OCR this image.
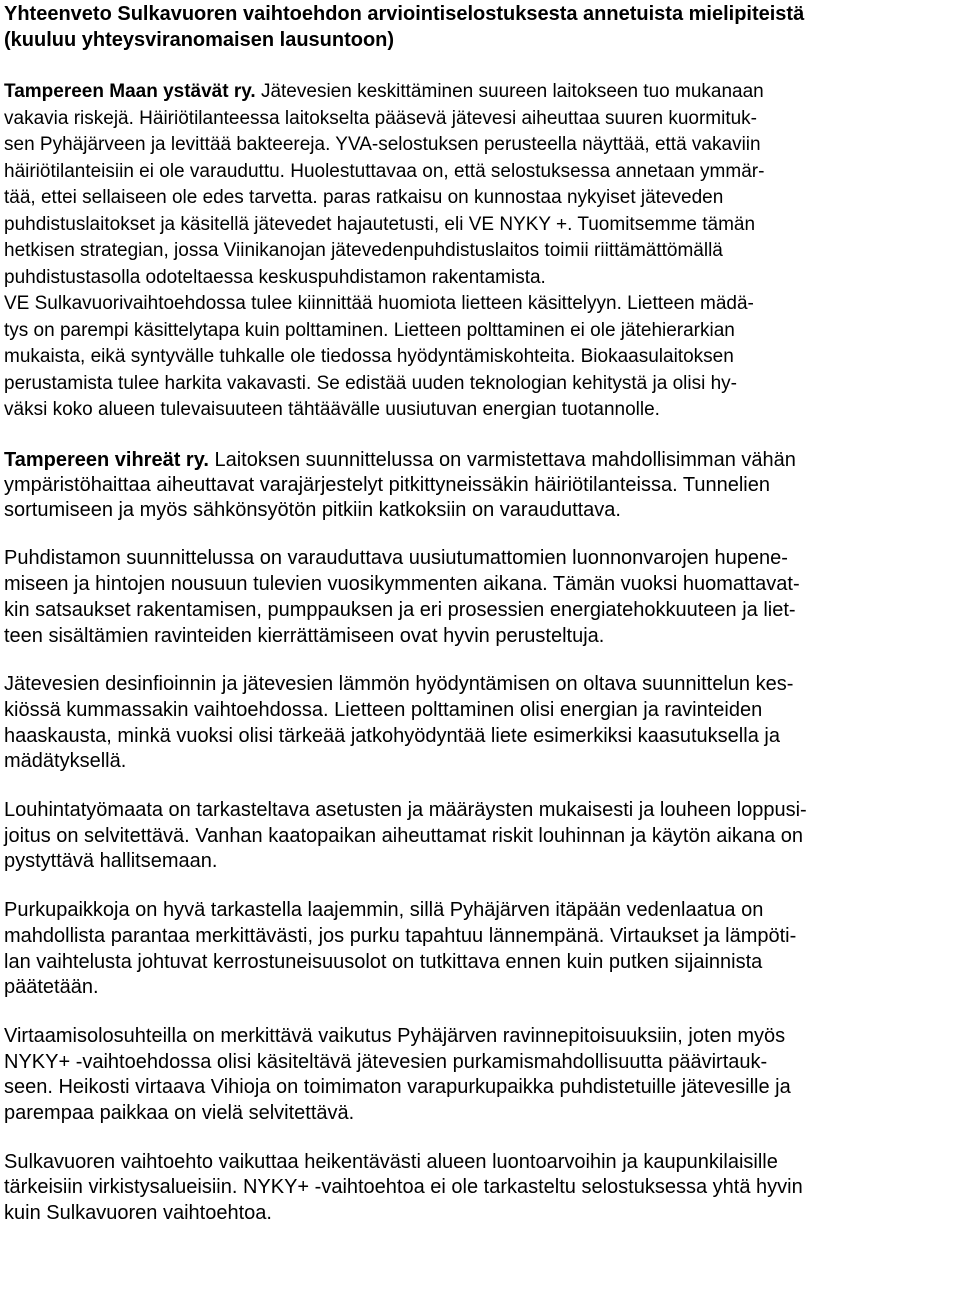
Yhteenveto Sulkavuoren vaihtoehdon arviointiselostuksesta annetuista mielipiteistä
(kuuluu yhteysviranomaisen lausuntoon)
Tampereen Maan ystävät ry. Jätevesien keskittäminen suureen laitokseen tuo mukanaan
vakavia riskejä. Häiriötilanteessa laitokselta pääsevä jätevesi aiheuttaa suuren kuormituk-
sen Pyhäjärveen ja levittää bakteereja. YVA-selostuksen perusteella näyttää, että vakaviin
häiriötilanteisiin ei ole varauduttu. Huolestuttavaa on, että selostuksessa annetaan ymmär-
tää, ettei sellaiseen ole edes tarvetta. paras ratkaisu on kunnostaa nykyiset jäteveden
puhdistuslaitokset ja käsitellä jätevedet hajautetusti, eli VE NYKY +. Tuomitsemme tämän
hetkisen strategian, jossa Viinikanojan jätevedenpuhdistuslaitos toimii riittämättömällä
puhdistustasolla odoteltaessa keskuspuhdistamon rakentamista.
VE Sulkavuorivaihtoehdossa tulee kiinnittää huomiota lietteen käsittelyyn. Lietteen mädä-
tys on parempi käsittelytapa kuin polttaminen. Lietteen polttaminen ei ole jätehierarkian
mukaista, eikä syntyvälle tuhkalle ole tiedossa hyödyntämiskohteita. Biokaasulaitoksen
perustamista tulee harkita vakavasti. Se edistää uuden teknologian kehitystä ja olisi hy-
väksi koko alueen tulevaisuuteen tähtäävälle uusiutuvan energian tuotannolle.
Tampereen vihreät ry. Laitoksen suunnittelussa on varmistettava mahdollisimman vähän
ympäristöhaittaa aiheuttavat varajärjestelyt pitkittyneissäkin häiriötilanteissa. Tunnelien
sortumiseen ja myös sähkönsyötön pitkiin katkoksiin on varauduttava.
Puhdistamon suunnittelussa on varauduttava uusiutumattomien luonnonvarojen hupene-
miseen ja hintojen nousuun tulevien vuosikymmenten aikana. Tämän vuoksi huomattavat-
kin satsaukset rakentamisen, pumppauksen ja eri prosessien energiatehokkuuteen ja liet-
teen sisältämien ravinteiden kierrättämiseen ovat hyvin perusteltuja.
Jätevesien desinfioinnin ja jätevesien lämmön hyödyntämisen on oltava suunnittelun kes-
kiössä kummassakin vaihtoehdossa. Lietteen polttaminen olisi energian ja ravinteiden
haaskausta, minkä vuoksi olisi tärkeää jatkohyödyntää liete esimerkiksi kaasutuksella ja
mädätyksellä.
Louhintatyömaata on tarkasteltava asetusten ja määräysten mukaisesti ja louheen loppusi-
joitus on selvitettävä. Vanhan kaatopaikan aiheuttamat riskit louhinnan ja käytön aikana on
pystyttävä hallitsemaan.
Purkupaikkoja on hyvä tarkastella laajemmin, sillä Pyhäjärven itäpään vedenlaatua on
mahdollista parantaa merkittävästi, jos purku tapahtuu lännempänä. Virtaukset ja lämpöti-
lan vaihtelusta johtuvat kerrostuneisuusolot on tutkittava ennen kuin putken sijainnista
päätetään.
Virtaamisolosuhteilla on merkittävä vaikutus Pyhäjärven ravinnepitoisuuksiin, joten myös
NYKY+ -vaihtoehdossa olisi käsiteltävä jätevesien purkamismahdollisuutta päävirtauk-
seen. Heikosti virtaava Vihioja on toimimaton varapurkupaikka puhdistetuille jätevesille ja
parempaa paikkaa on vielä selvitettävä.
Sulkavuoren vaihtoehto vaikuttaa heikentävästi alueen luontoarvoihin ja kaupunkilaisille
tärkeisiin virkistysalueisiin. NYKY+ -vaihtoehtoa ei ole tarkasteltu selostuksessa yhtä hyvin
kuin Sulkavuoren vaihtoehtoa.
